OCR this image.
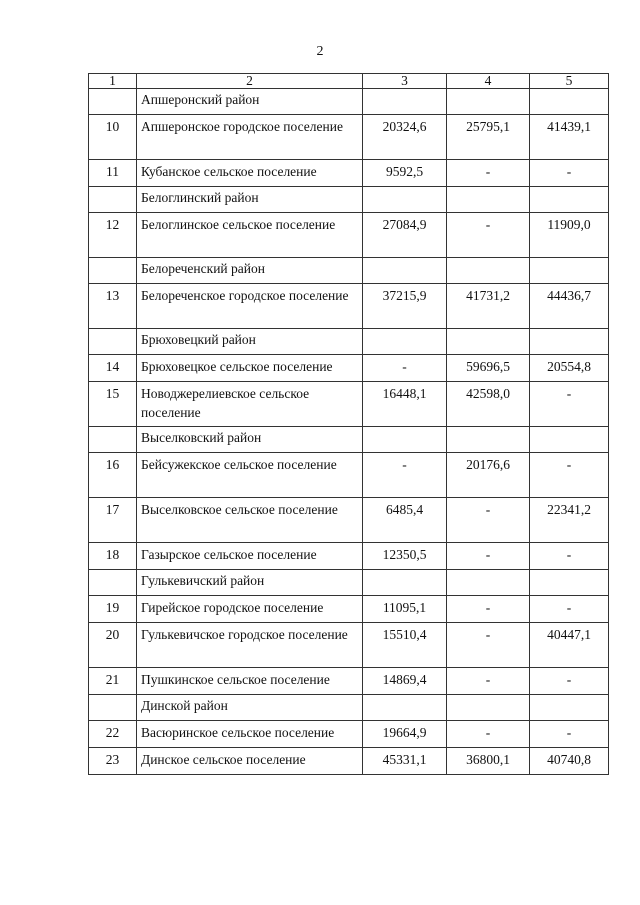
2
1	2	3	4	5
	Апшеронский район			
10	Апшеронское городское поселение	20324,6	25795,1	41439,1
11	Кубанское сельское поселение	9592,5	-	-
	Белоглинский район			
12	Белоглинское сельское поселение	27084,9	-	11909,0
	Белореченский район			
13	Белореченское городское поселение	37215,9	41731,2	44436,7
	Брюховецкий район			
14	Брюховецкое сельское поселение	-	59696,5	20554,8
15	Новоджерелиевское сельское поселение	16448,1	42598,0	-
	Выселковский район			
16	Бейсужекское сельское поселение	-	20176,6	-
17	Выселковское сельское поселение	6485,4	-	22341,2
18	Газырское сельское поселение	12350,5	-	-
	Гулькевичский район			
19	Гирейское городское поселение	11095,1	-	-
20	Гулькевичское городское поселение	15510,4	-	40447,1
21	Пушкинское сельское поселение	14869,4	-	-
	Динской район			
22	Васюринское сельское поселение	19664,9	-	-
23	Динское сельское поселение	45331,1	36800,1	40740,8
